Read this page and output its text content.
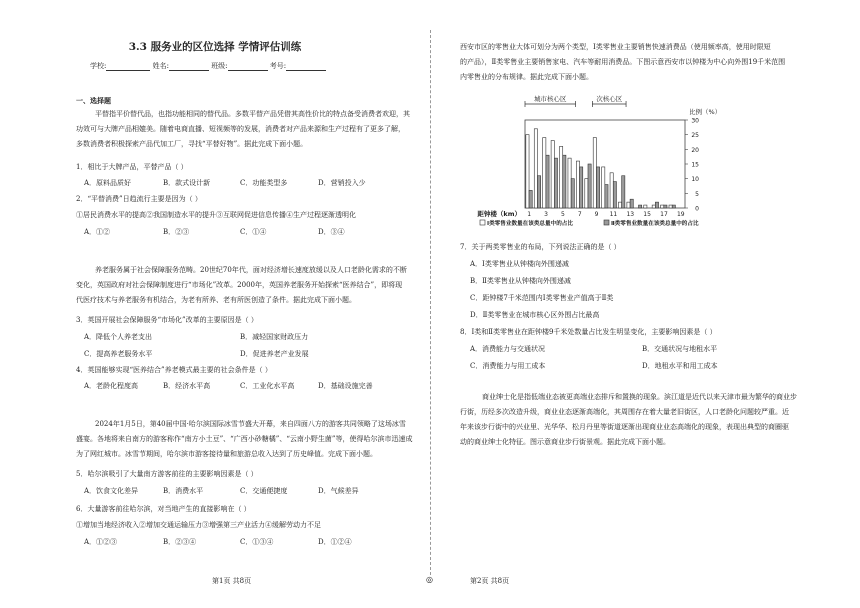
3.3 服务业的区位选择 学情评估训练
学校:	姓名:	班级:	考号:
一、选择题
平替指平价替代品，也指功能相同的替代品。多数平替产品凭借其高性价比的特点备受消费者欢迎，其
功效可与大牌产品相媲美。随着电商直播、短视频等的发展，消费者对产品来源和生产过程有了更多了解，
多数消费者积极探索产品代加工厂，寻找“平替好物”。据此完成下面小题。
1．相比于大牌产品，平替产品（ ）
A．原料品质好	B．款式设计新	C．功能类型多	D．营销投入少
2．“平替消费”日趋流行主要是因为（ ）
①居民消费水平的提高②我国制造水平的提升③互联网促进信息传播④生产过程逐渐透明化
A．①②	B．②③	C．①④	D．③④
养老服务属于社会保障服务范畴。20世纪70年代，面对经济增长速度放缓以及人口老龄化需求的不断
变化，英国政府对社会保障制度进行“市场化”改革。2000年，英国养老服务开始探索“医养结合”，即将现
代医疗技术与养老服务有机结合，为老有所养、老有所医创造了条件。据此完成下面小题。
3．英国开展社会保障服务“市场化”改革的主要原因是（ ）
A．降低个人养老支出	B．减轻国家财政压力
C．提高养老服务水平	D．促进养老产业发展
4．英国能够实现“医养结合”养老模式最主要的社会条件是（ ）
A．老龄化程度高	B．经济水平高	C．工业化水平高	D．基础设施完善
2024年1月5日，第40届中国·哈尔滨国际冰雪节盛大开幕，来自四面八方的游客共同领略了这场冰雪
盛宴。各地将来自南方的游客称作“南方小土豆”、“广西小砂糖橘”、“云南小野生菌”等，使得哈尔滨市迅速成
为了网红城市。冰雪节期间，哈尔滨市游客接待量和旅游总收入达到了历史峰值。完成下面小题。
5．哈尔滨吸引了大量南方游客前往的主要影响因素是（ ）
A．饮食文化差异	B．消费水平	C．交通便捷度	D．气候差异
6．大量游客前往哈尔滨，对当地产生的直接影响在（ ）
①增加当地经济收入②增加交通运输压力③增强第三产业活力④缓解劳动力不足
A．①②③	B．②③④	C．①③④	D．①②④
西安市区的零售业大体可划分为两个类型，Ⅰ类零售业主要销售快速消费品（使用频率高，使用时限短
的产品），Ⅱ类零售业主要销售家电、汽车等耐用消费品。下图示意西安市以钟楼为中心向外围19千米范围
内零售业的分布规律。据此完成下面小题。
城市核心区	次核心区
0
5
10
15
20
25
30
比例（%）
1 3 5 7 9 11 13 15 17 19
距钟楼（km）
Ⅰ类零售业数量在该类总量中的占比	Ⅱ类零售业数量在该类总量中的占比
7．关于两类零售业的布局，下列说法正确的是（ ）
A．Ⅰ类零售业从钟楼向外围递减
B．Ⅱ类零售业从钟楼向外围递减
C．距钟楼7千米范围内Ⅰ类零售业产值高于Ⅱ类
D．Ⅱ类零售业在城市核心区外围占比最高
8．Ⅰ类和Ⅱ类零售业在距钟楼9千米处数量占比发生明显变化，主要影响因素是（ ）
A．消费能力与交通状况	B．交通状况与地租水平
C．消费能力与用工成本	D．地租水平和用工成本
商业绅士化是指低端业态被更高端业态排斥和置换的现象。滨江道是近代以来天津市最为繁华的商业步
行街，历经多次改造升级，商业业态逐渐高端化，其周围存在着大量老旧街区，人口老龄化问题较严重。近
年来该步行街中的兴业里、光华华、松月丹里等街道逐渐出现商业业态高端化的现象，表现出典型的商圈驱
动的商业绅士化特征。图示意商业步行街景观。据此完成下面小题。
第1页 共8页	◎	第2页 共8页
